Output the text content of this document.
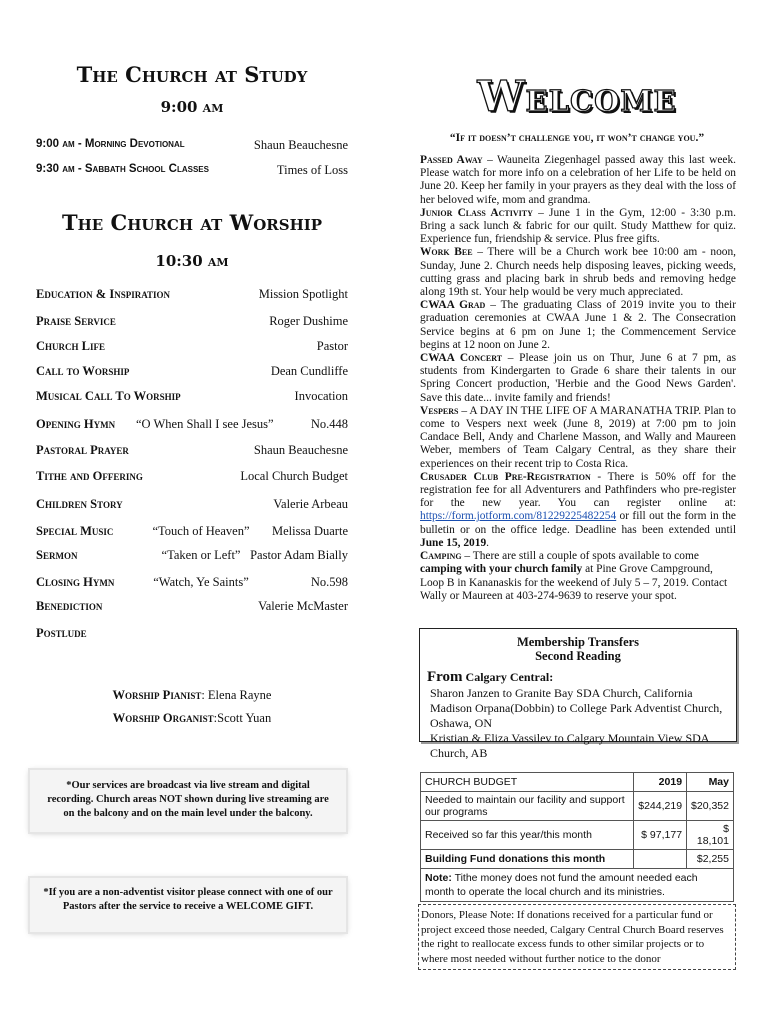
The Church at Study
9:00 am
9:00 am - Morning Devotional	Shaun Beauchesne
9:30 am - Sabbath School Classes	Times of Loss
The Church at Worship
10:30 am
Education & Inspiration	Mission Spotlight
Praise Service	Roger Dushime
Church Life	Pastor
Call to Worship	Dean Cundliffe
Musical Call To Worship	Invocation
Opening Hymn “O When Shall I see Jesus”	No.448
Pastoral Prayer	Shaun Beauchesne
Tithe and Offering	Local Church Budget
Children Story	Valerie Arbeau
Special Music	“Touch of Heaven”	Melissa Duarte
Sermon	“Taken or Left” Pastor Adam Bially
Closing Hymn	“Watch, Ye Saints”	No.598
Benediction	Valerie McMaster
Postlude
Worship Pianist: Elena Rayne
Worship Organist:Scott Yuan
*Our services are broadcast via live stream and digital recording. Church areas NOT shown during live streaming are on the balcony and on the main level under the balcony.
*If you are a non-adventist visitor please connect with one of our Pastors after the service to receive a WELCOME GIFT.
Welcome
“If it doesn’t challenge you, it won’t change you.”
Passed Away – Wauneita Ziegenhagel passed away this last week. Please watch for more info on a celebration of her Life to be held on June 20. Keep her family in your prayers as they deal with the loss of her beloved wife, mom and grandma.
Junior Class Activity – June 1 in the Gym, 12:00 - 3:30 p.m. Bring a sack lunch & fabric for our quilt. Study Matthew for quiz. Experience fun, friendship & service. Plus free gifts.
Work Bee – There will be a Church work bee 10:00 am - noon, Sunday, June 2. Church needs help disposing leaves, picking weeds, cutting grass and placing bark in shrub beds and removing hedge along 19th st. Your help would be very much appreciated.
CWAA Grad – The graduating Class of 2019 invite you to their graduation ceremonies at CWAA June 1 & 2. The Consecration Service begins at 6 pm on June 1; the Commencement Service begins at 12 noon on June 2.
CWAA Concert – Please join us on Thur, June 6 at 7 pm, as students from Kindergarten to Grade 6 share their talents in our Spring Concert production, 'Herbie and the Good News Garden'. Save this date... invite family and friends!
Vespers – A DAY IN THE LIFE OF A MARANATHA TRIP. Plan to come to Vespers next week (June 8, 2019) at 7:00 pm to join Candace Bell, Andy and Charlene Masson, and Wally and Maureen Weber, members of Team Calgary Central, as they share their experiences on their recent trip to Costa Rica.
Crusader Club Pre-Registration - There is 50% off for the registration fee for all Adventurers and Pathfinders who pre-register for the new year. You can register online at: https://form.jotform.com/81229225482254 or fill out the form in the bulletin or on the office ledge. Deadline has been extended until June 15, 2019.
Camping – There are still a couple of spots available to come camping with your church family at Pine Grove Campground, Loop B in Kananaskis for the weekend of July 5 – 7, 2019. Contact Wally or Maureen at 403-274-9639 to reserve your spot.
Membership Transfers
Second Reading
From Calgary Central:
Sharon Janzen to Granite Bay SDA Church, California
Madison Orpana(Dobbin) to College Park Adventist Church, Oshawa, ON
Kristian & Eliza Vassilev to Calgary Mountain View SDA Church, AB
CHURCH BUDGET	2019	May
Needed to maintain our facility and support our programs	$244,219	$20,352
Received so far this year/this month	$ 97,177	$ 18,101
Building Fund donations this month		$2,255
Note: Tithe money does not fund the amount needed each month to operate the local church and its ministries.		
Donors, Please Note: If donations received for a particular fund or project exceed those needed, Calgary Central Church Board reserves the right to reallocate excess funds to other similar projects or to where most needed without further notice to the donor
